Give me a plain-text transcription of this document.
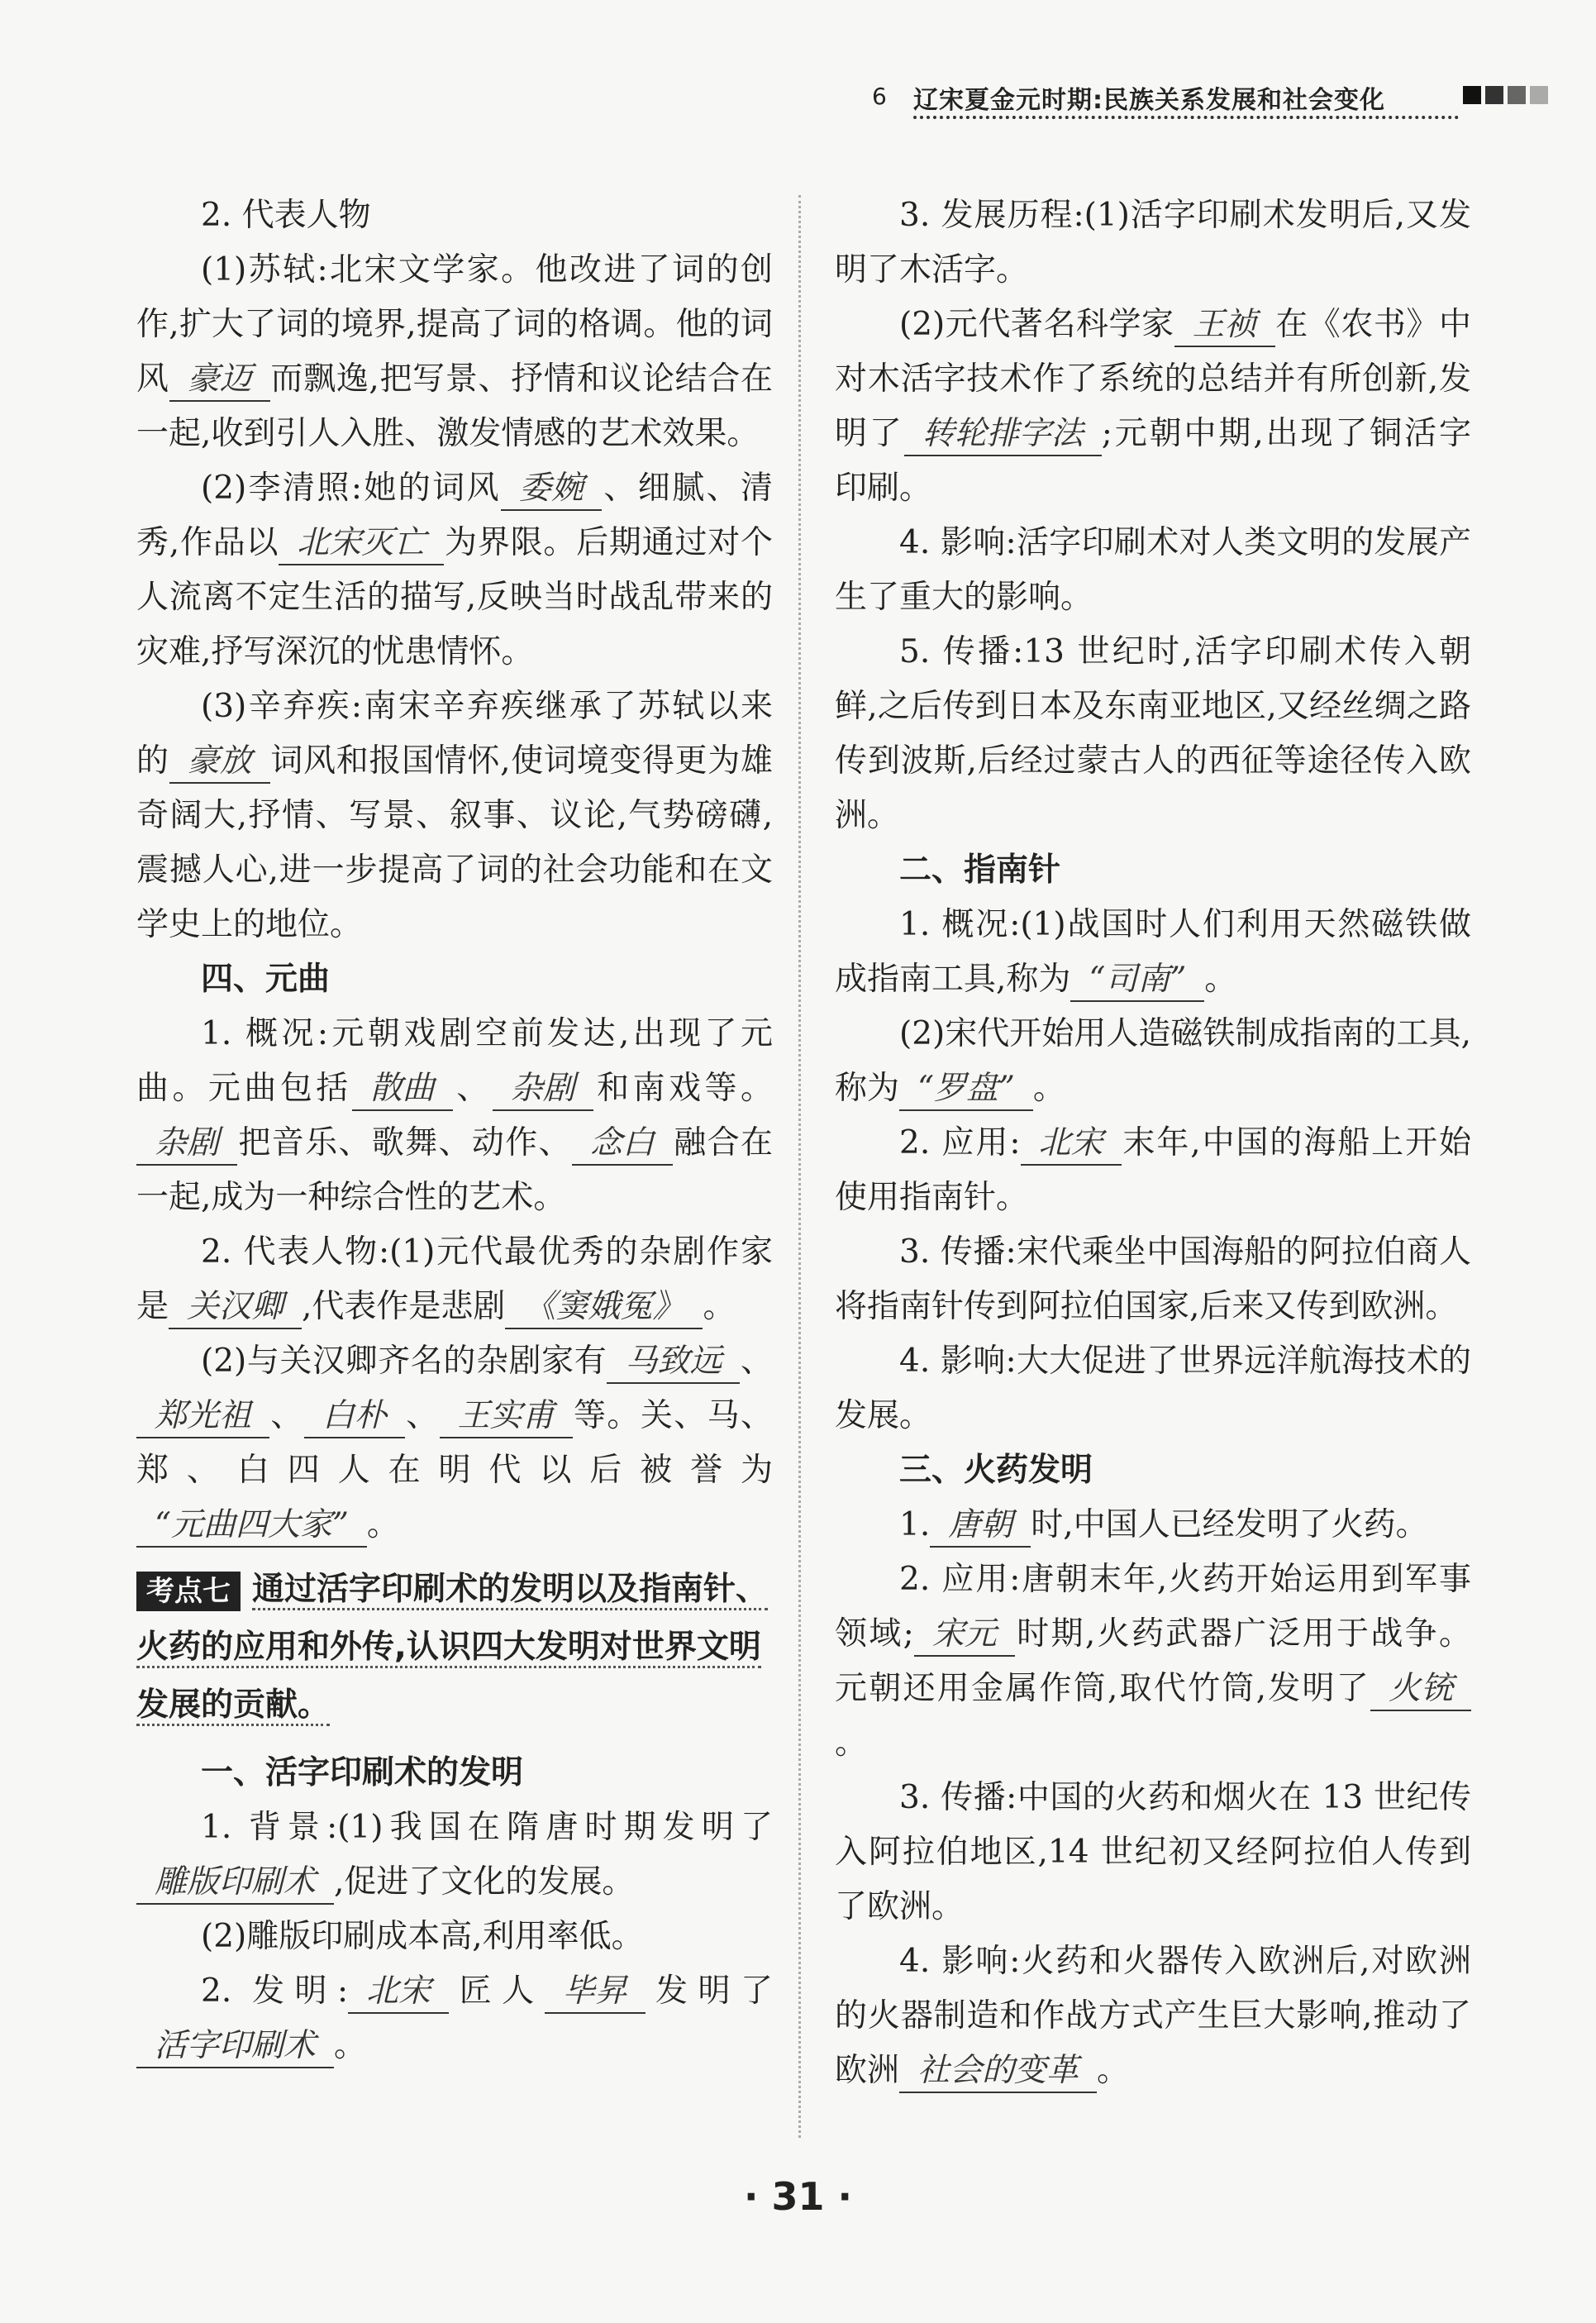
6 辽宋夏金元时期:民族关系发展和社会变化

2. 代表人物

(1)苏轼:北宋文学家。他改进了词的创作,扩大了词的境界,提高了词的格调。他的词风 豪迈 而飘逸,把写景、抒情和议论结合在一起,收到引人入胜、激发情感的艺术效果。

(2)李清照:她的词风 委婉 、细腻、清秀,作品以 北宋灭亡 为界限。后期通过对个人流离不定生活的描写,反映当时战乱带来的灾难,抒写深沉的忧患情怀。

(3)辛弃疾:南宋辛弃疾继承了苏轼以来的 豪放 词风和报国情怀,使词境变得更为雄奇阔大,抒情、写景、叙事、议论,气势磅礴,震撼人心,进一步提高了词的社会功能和在文学史上的地位。

四、元曲

1. 概况:元朝戏剧空前发达,出现了元曲。元曲包括 散曲 、 杂剧 和南戏等。杂剧 把音乐、歌舞、动作、 念白 融合在一起,成为一种综合性的艺术。

2. 代表人物:(1)元代最优秀的杂剧作家是 关汉卿 ,代表作是悲剧 《窦娥冤》 。

(2)与关汉卿齐名的杂剧家有 马致远 、郑光祖 、 白朴 、 王实甫 等。关、马、郑、白四人在明代以后被誉为“元曲四大家” 。

考点七 通过活字印刷术的发明以及指南针、火药的应用和外传,认识四大发明对世界文明发展的贡献。
一、活字印刷术的发明

1. 背景:(1)我国在隋唐时期发明了雕版印刷术 ,促进了文化的发展。

(2)雕版印刷成本高,利用率低。

2. 发明: 北宋 匠人 毕昇 发明了活字印刷术 。

3. 发展历程:(1)活字印刷术发明后,又发明了木活字。

(2)元代著名科学家 王祯 在《农书》中对木活字技术作了系统的总结并有所创新,发明了 转轮排字法 ;元朝中期,出现了铜活字印刷。

4. 影响:活字印刷术对人类文明的发展产生了重大的影响。

5. 传播:13 世纪时,活字印刷术传入朝鲜,之后传到日本及东南亚地区,又经丝绸之路传到波斯,后经过蒙古人的西征等途径传入欧洲。

二、指南针

1. 概况:(1)战国时人们利用天然磁铁做成指南工具,称为 “司南” 。

(2)宋代开始用人造磁铁制成指南的工具,称为 “罗盘” 。

2. 应用: 北宋 末年,中国的海船上开始使用指南针。

3. 传播:宋代乘坐中国海船的阿拉伯商人将指南针传到阿拉伯国家,后来又传到欧洲。

4. 影响:大大促进了世界远洋航海技术的发展。

三、火药发明

1. 唐朝 时,中国人已经发明了火药。

2. 应用:唐朝末年,火药开始运用到军事领域; 宋元 时期,火药武器广泛用于战争。元朝还用金属作筒,取代竹筒,发明了 火铳。

3. 传播:中国的火药和烟火在 13 世纪传入阿拉伯地区,14 世纪初又经阿拉伯人传到了欧洲。

4. 影响:火药和火器传入欧洲后,对欧洲的火器制造和作战方式产生巨大影响,推动了欧洲 社会的变革 。

· 31 ·
